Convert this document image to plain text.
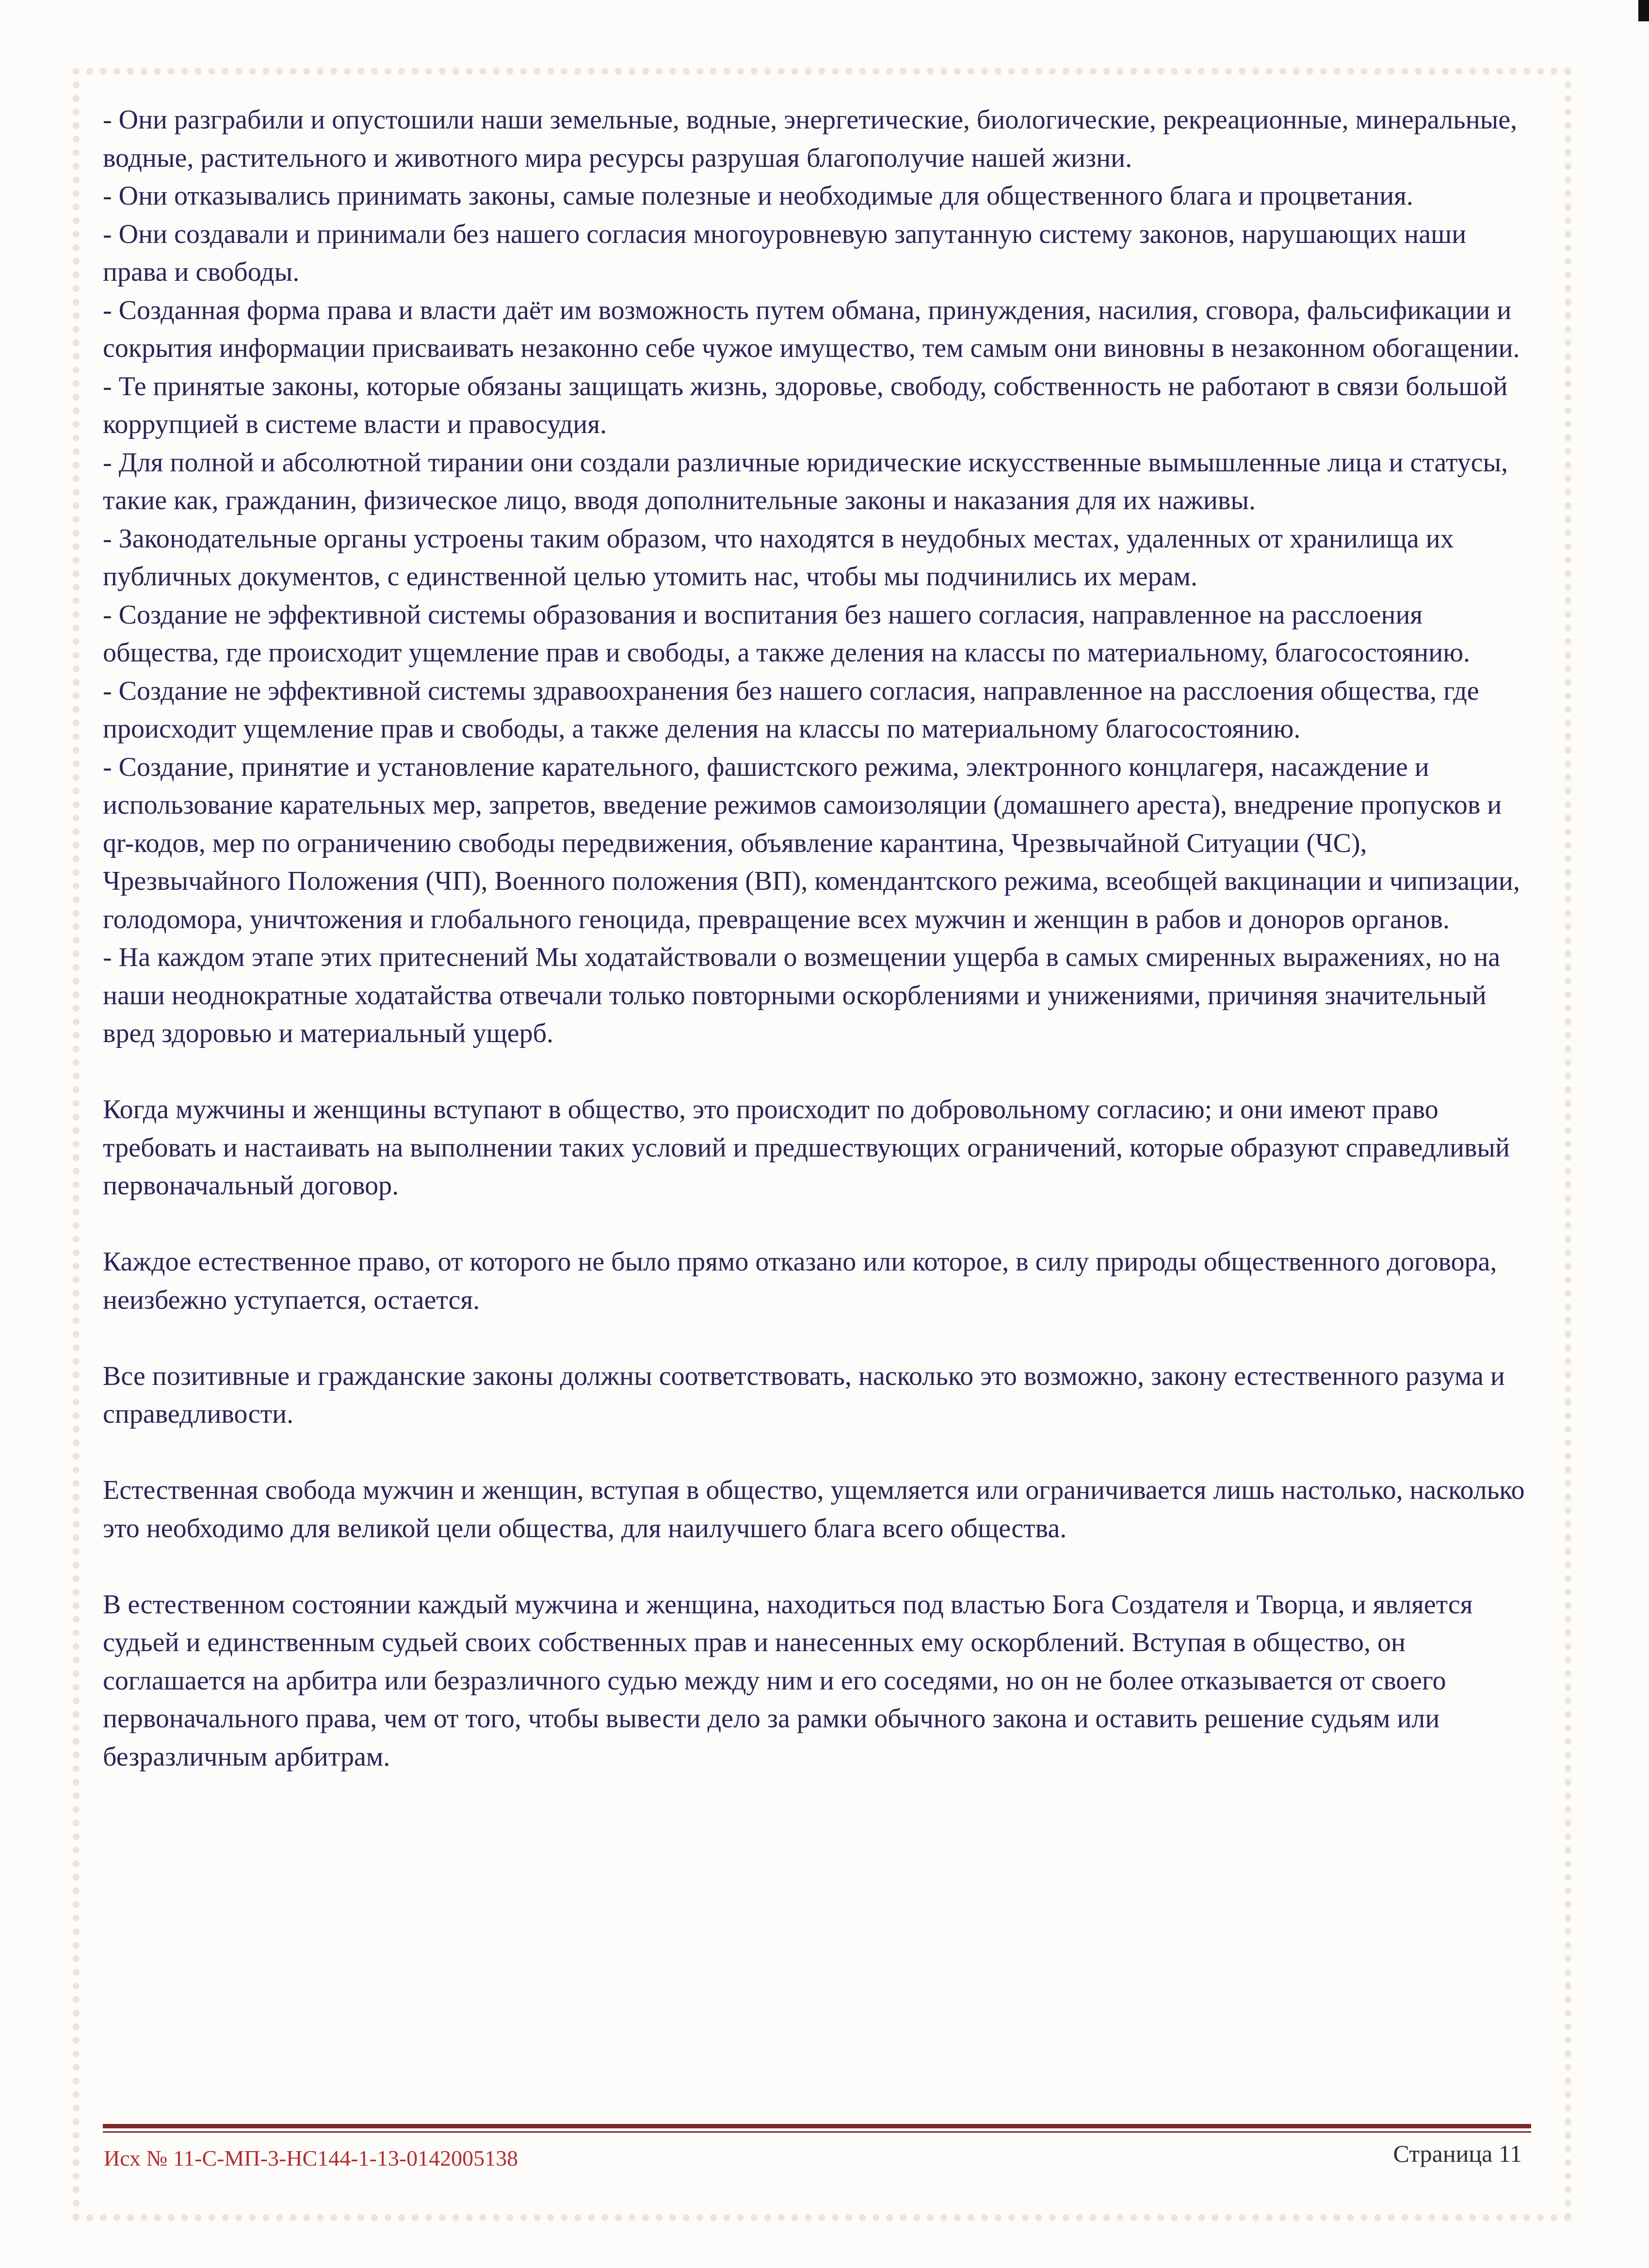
- Они разграбили и опустошили наши земельные, водные, энергетические, биологические, рекреационные, минеральные, водные, растительного и животного мира ресурсы разрушая благополучие нашей жизни.

- Они отказывались принимать законы, самые полезные и необходимые для общественного блага и процветания.

- Они создавали и принимали без нашего согласия многоуровневую запутанную систему законов, нарушающих наши права и свободы.

- Созданная форма права и власти даёт им возможность путем обмана, принуждения, насилия, сговора, фальсификации и сокрытия информации присваивать незаконно себе чужое имущество, тем самым они виновны в незаконном обогащении.

- Те принятые законы, которые обязаны защищать жизнь, здоровье, свободу, собственность не работают в связи большой коррупцией в системе власти и правосудия.

- Для полной и абсолютной тирании они создали различные юридические искусственные вымышленные лица и статусы, такие как, гражданин, физическое лицо, вводя дополнительные законы и наказания для их наживы.

- Законодательные органы устроены таким образом, что находятся в неудобных местах, удаленных от хранилища их публичных документов, с единственной целью утомить нас, чтобы мы подчинились их мерам.

- Создание не эффективной системы образования и воспитания без нашего согласия, направленное на расслоения общества, где происходит ущемление прав и свободы, а также деления на классы по материальному, благосостоянию.

- Создание не эффективной системы здравоохранения без нашего согласия, направленное на расслоения общества, где происходит ущемление прав и свободы, а также деления на классы по материальному благосостоянию.

- Создание, принятие и установление карательного, фашистского режима, электронного концлагеря, насаждение и использование карательных мер, запретов, введение режимов самоизоляции (домашнего ареста), внедрение пропусков и qr-кодов, мер по ограничению свободы передвижения, объявление карантина, Чрезвычайной Ситуации (ЧС), Чрезвычайного Положения (ЧП), Военного положения (ВП), комендантского режима, всеобщей вакцинации и чипизации, голодомора, уничтожения и глобального геноцида, превращение всех мужчин и женщин в рабов и доноров органов.

- На каждом этапе этих притеснений Мы ходатайствовали о возмещении ущерба в самых смиренных выражениях, но на наши неоднократные ходатайства отвечали только повторными оскорблениями и унижениями, причиняя значительный вред здоровью и материальный ущерб.

Когда мужчины и женщины вступают в общество, это происходит по добровольному согласию; и они имеют право требовать и настаивать на выполнении таких условий и предшествующих ограничений, которые образуют справедливый первоначальный договор.

Каждое естественное право, от которого не было прямо отказано или которое, в силу природы общественного договора, неизбежно уступается, остается.

Все позитивные и гражданские законы должны соответствовать, насколько это возможно, закону естественного разума и справедливости.

Естественная свобода мужчин и женщин, вступая в общество, ущемляется или ограничивается лишь настолько, насколько это необходимо для великой цели общества, для наилучшего блага всего общества.

В естественном состоянии каждый мужчина и женщина, находиться под властью Бога Создателя и Творца, и является судьей и единственным судьей своих собственных прав и нанесенных ему оскорблений. Вступая в общество, он соглашается на арбитра или безразличного судью между ним и его соседями, но он не более отказывается от своего первоначального права, чем от того, чтобы вывести дело за рамки обычного закона и оставить решение судьям или безразличным арбитрам.

Исх № 11-С-МП-3-НС144-1-13-0142005138	Страница 11
